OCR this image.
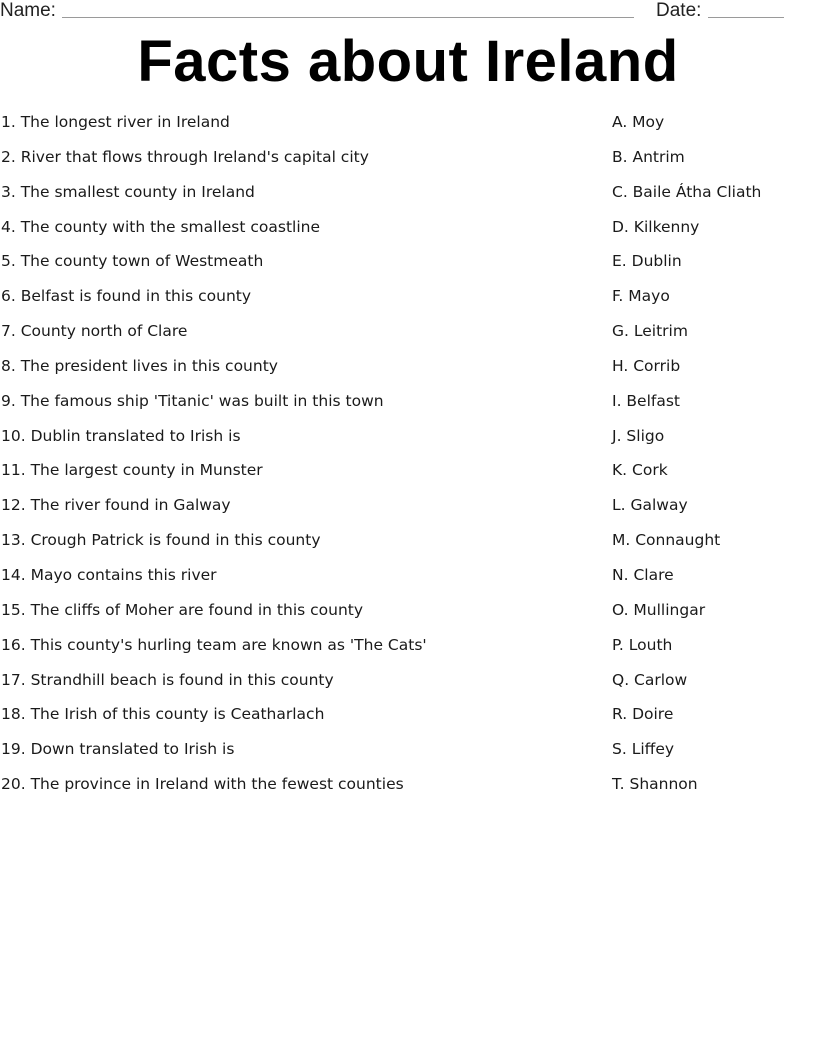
Name:	Date:
Facts about Ireland
1. The longest river in Ireland	A. Moy
2. River that flows through Ireland's capital city	B. Antrim
3. The smallest county in Ireland	C. Baile Átha Cliath
4. The county with the smallest coastline	D. Kilkenny
5. The county town of Westmeath	E. Dublin
6. Belfast is found in this county	F. Mayo
7. County north of Clare	G. Leitrim
8. The president lives in this county	H. Corrib
9. The famous ship 'Titanic' was built in this town	I. Belfast
10. Dublin translated to Irish is	J. Sligo
11. The largest county in Munster	K. Cork
12. The river found in Galway	L. Galway
13. Crough Patrick is found in this county	M. Connaught
14. Mayo contains this river	N. Clare
15. The cliffs of Moher are found in this county	O. Mullingar
16. This county's hurling team are known as 'The Cats'	P. Louth
17. Strandhill beach is found in this county	Q. Carlow
18. The Irish of this county is Ceatharlach	R. Doire
19. Down translated to Irish is	S. Liffey
20. The province in Ireland with the fewest counties	T. Shannon
